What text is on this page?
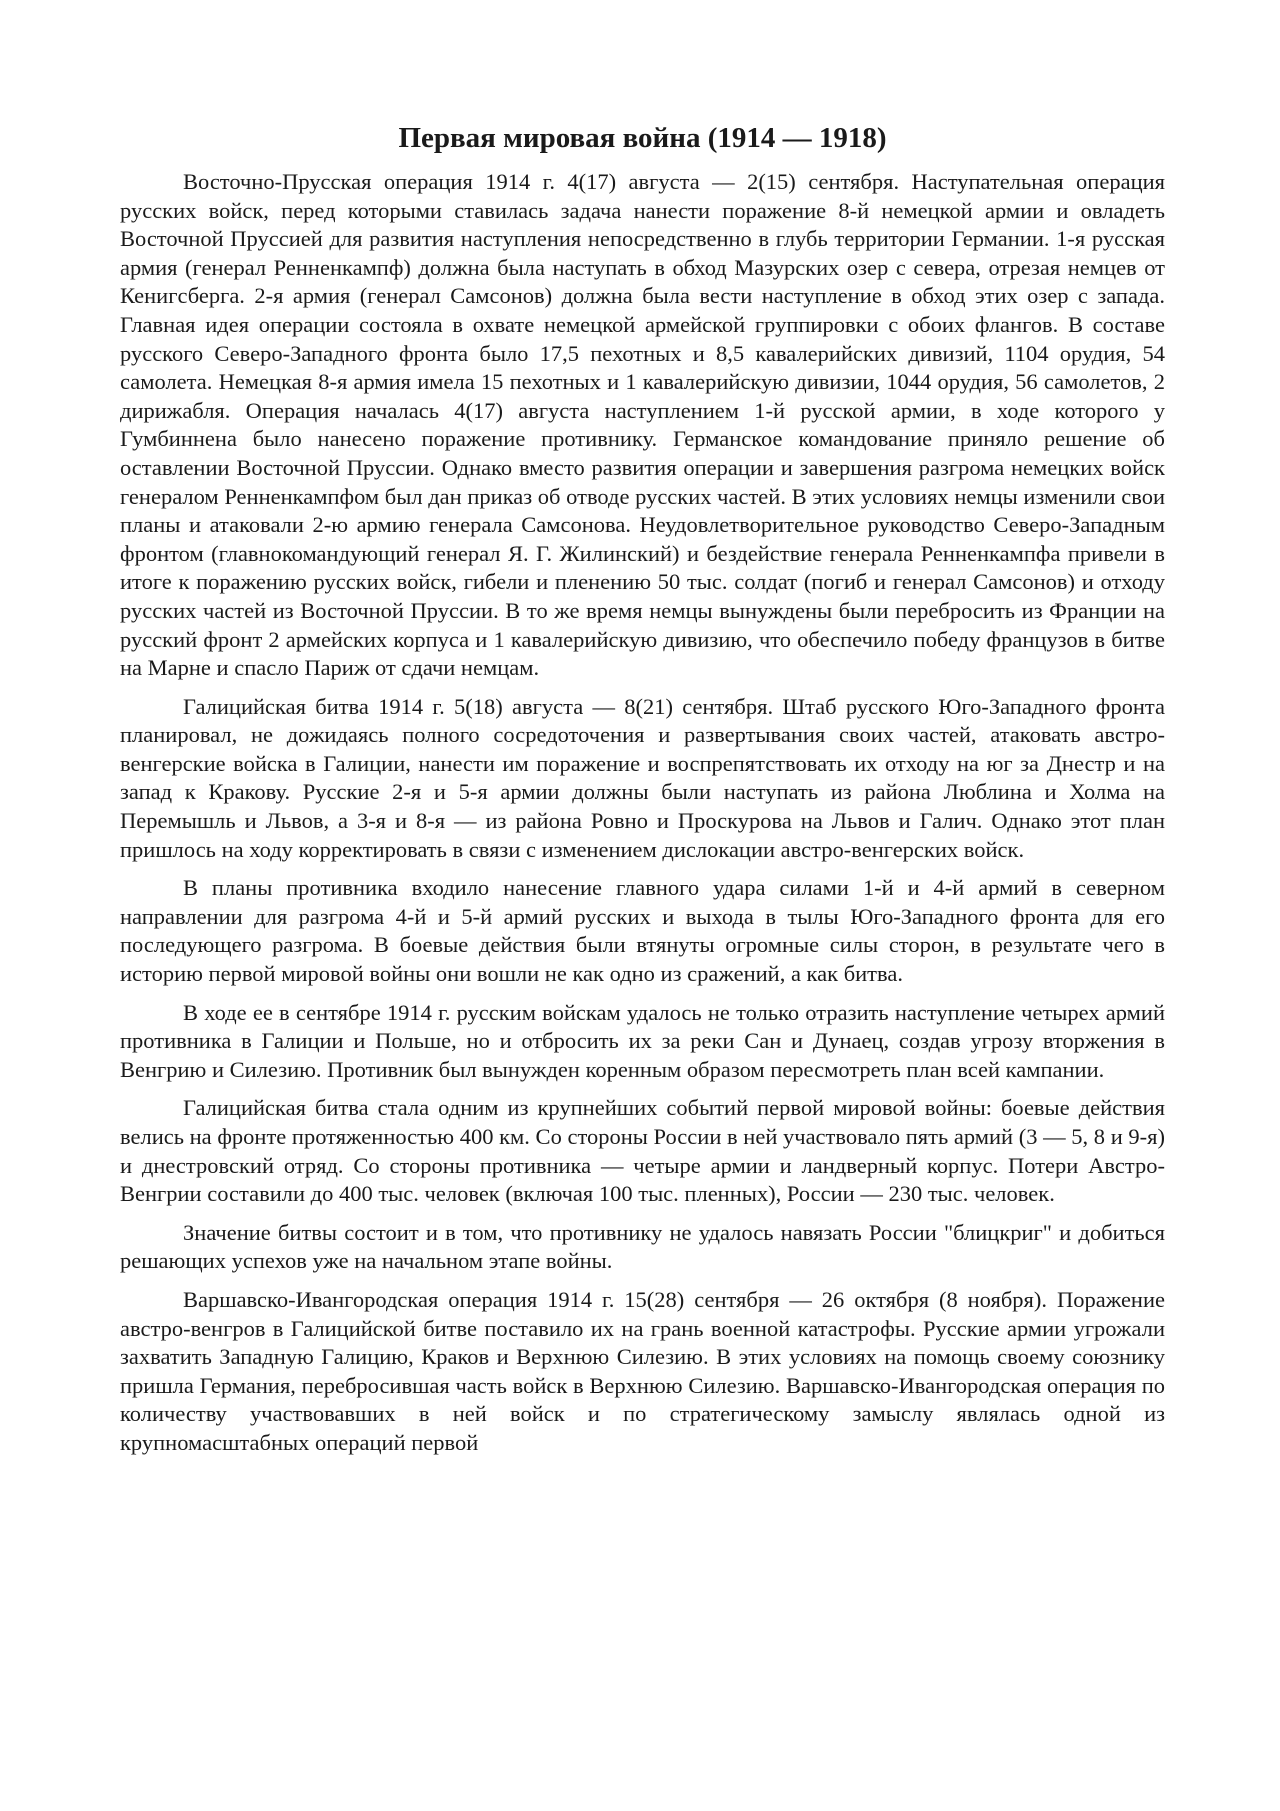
Первая мировая война (1914 — 1918)

Восточно-Прусская операция 1914 г. 4(17) августа — 2(15) сентября. Наступательная операция русских войск, перед которыми ставилась задача нанести поражение 8-й немецкой армии и овладеть Восточной Пруссией для развития наступления непосредственно в глубь территории Германии. 1-я русская армия (генерал Ренненкампф) должна была наступать в обход Мазурских озер с севера, отрезая немцев от Кенигсберга. 2-я армия (генерал Самсонов) должна была вести наступление в обход этих озер с запада. Главная идея операции состояла в охвате немецкой армейской группировки с обоих флангов. В составе русского Северо-Западного фронта было 17,5 пехотных и 8,5 кавалерийских дивизий, 1104 орудия, 54 самолета. Немецкая 8-я армия имела 15 пехотных и 1 кавалерийскую дивизии, 1044 орудия, 56 самолетов, 2 дирижабля. Операция началась 4(17) августа наступлением 1-й русской армии, в ходе которого у Гумбиннена было нанесено поражение противнику. Германское командование приняло решение об оставлении Восточной Пруссии. Однако вместо развития операции и завершения разгрома немецких войск генералом Ренненкампфом был дан приказ об отводе русских частей. В этих условиях немцы изменили свои планы и атаковали 2-ю армию генерала Самсонова. Неудовлетворительное руководство Северо-Западным фронтом (главнокомандующий генерал Я. Г. Жилинский) и бездействие генерала Ренненкампфа привели в итоге к поражению русских войск, гибели и пленению 50 тыс. солдат (погиб и генерал Самсонов) и отходу русских частей из Восточной Пруссии. В то же время немцы вынуждены были перебросить из Франции на русский фронт 2 армейских корпуса и 1 кавалерийскую дивизию, что обеспечило победу французов в битве на Марне и спасло Париж от сдачи немцам.

Галицийская битва 1914 г. 5(18) августа — 8(21) сентября. Штаб русского Юго-Западного фронта планировал, не дожидаясь полного сосредоточения и развертывания своих частей, атаковать австро-венгерские войска в Галиции, нанести им поражение и воспрепятствовать их отходу на юг за Днестр и на запад к Кракову. Русские 2-я и 5-я армии должны были наступать из района Люблина и Холма на Перемышль и Львов, а 3-я и 8-я — из района Ровно и Проскурова на Львов и Галич. Однако этот план пришлось на ходу корректировать в связи с изменением дислокации австро-венгерских войск.

В планы противника входило нанесение главного удара силами 1-й и 4-й армий в северном направлении для разгрома 4-й и 5-й армий русских и выхода в тылы Юго-Западного фронта для его последующего разгрома. В боевые действия были втянуты огромные силы сторон, в результате чего в историю первой мировой войны они вошли не как одно из сражений, а как битва.

В ходе ее в сентябре 1914 г. русским войскам удалось не только отразить наступление четырех армий противника в Галиции и Польше, но и отбросить их за реки Сан и Дунаец, создав угрозу вторжения в Венгрию и Силезию. Противник был вынужден коренным образом пересмотреть план всей кампании.

Галицийская битва стала одним из крупнейших событий первой мировой войны: боевые действия велись на фронте протяженностью 400 км. Со стороны России в ней участвовало пять армий (3 — 5, 8 и 9-я) и днестровский отряд. Со стороны противника — четыре армии и ландверный корпус. Потери Австро-Венгрии составили до 400 тыс. человек (включая 100 тыс. пленных), России — 230 тыс. человек.

Значение битвы состоит и в том, что противнику не удалось навязать России "блицкриг" и добиться решающих успехов уже на начальном этапе войны.

Варшавско-Ивангородская операция 1914 г. 15(28) сентября — 26 октября (8 ноября). Поражение австро-венгров в Галицийской битве поставило их на грань военной катастрофы. Русские армии угрожали захватить Западную Галицию, Краков и Верхнюю Силезию. В этих условиях на помощь своему союзнику пришла Германия, перебросившая часть войск в Верхнюю Силезию. Варшавско-Ивангородская операция по количеству участвовавших в ней войск и по стратегическому замыслу являлась одной из крупномасштабных операций первой
